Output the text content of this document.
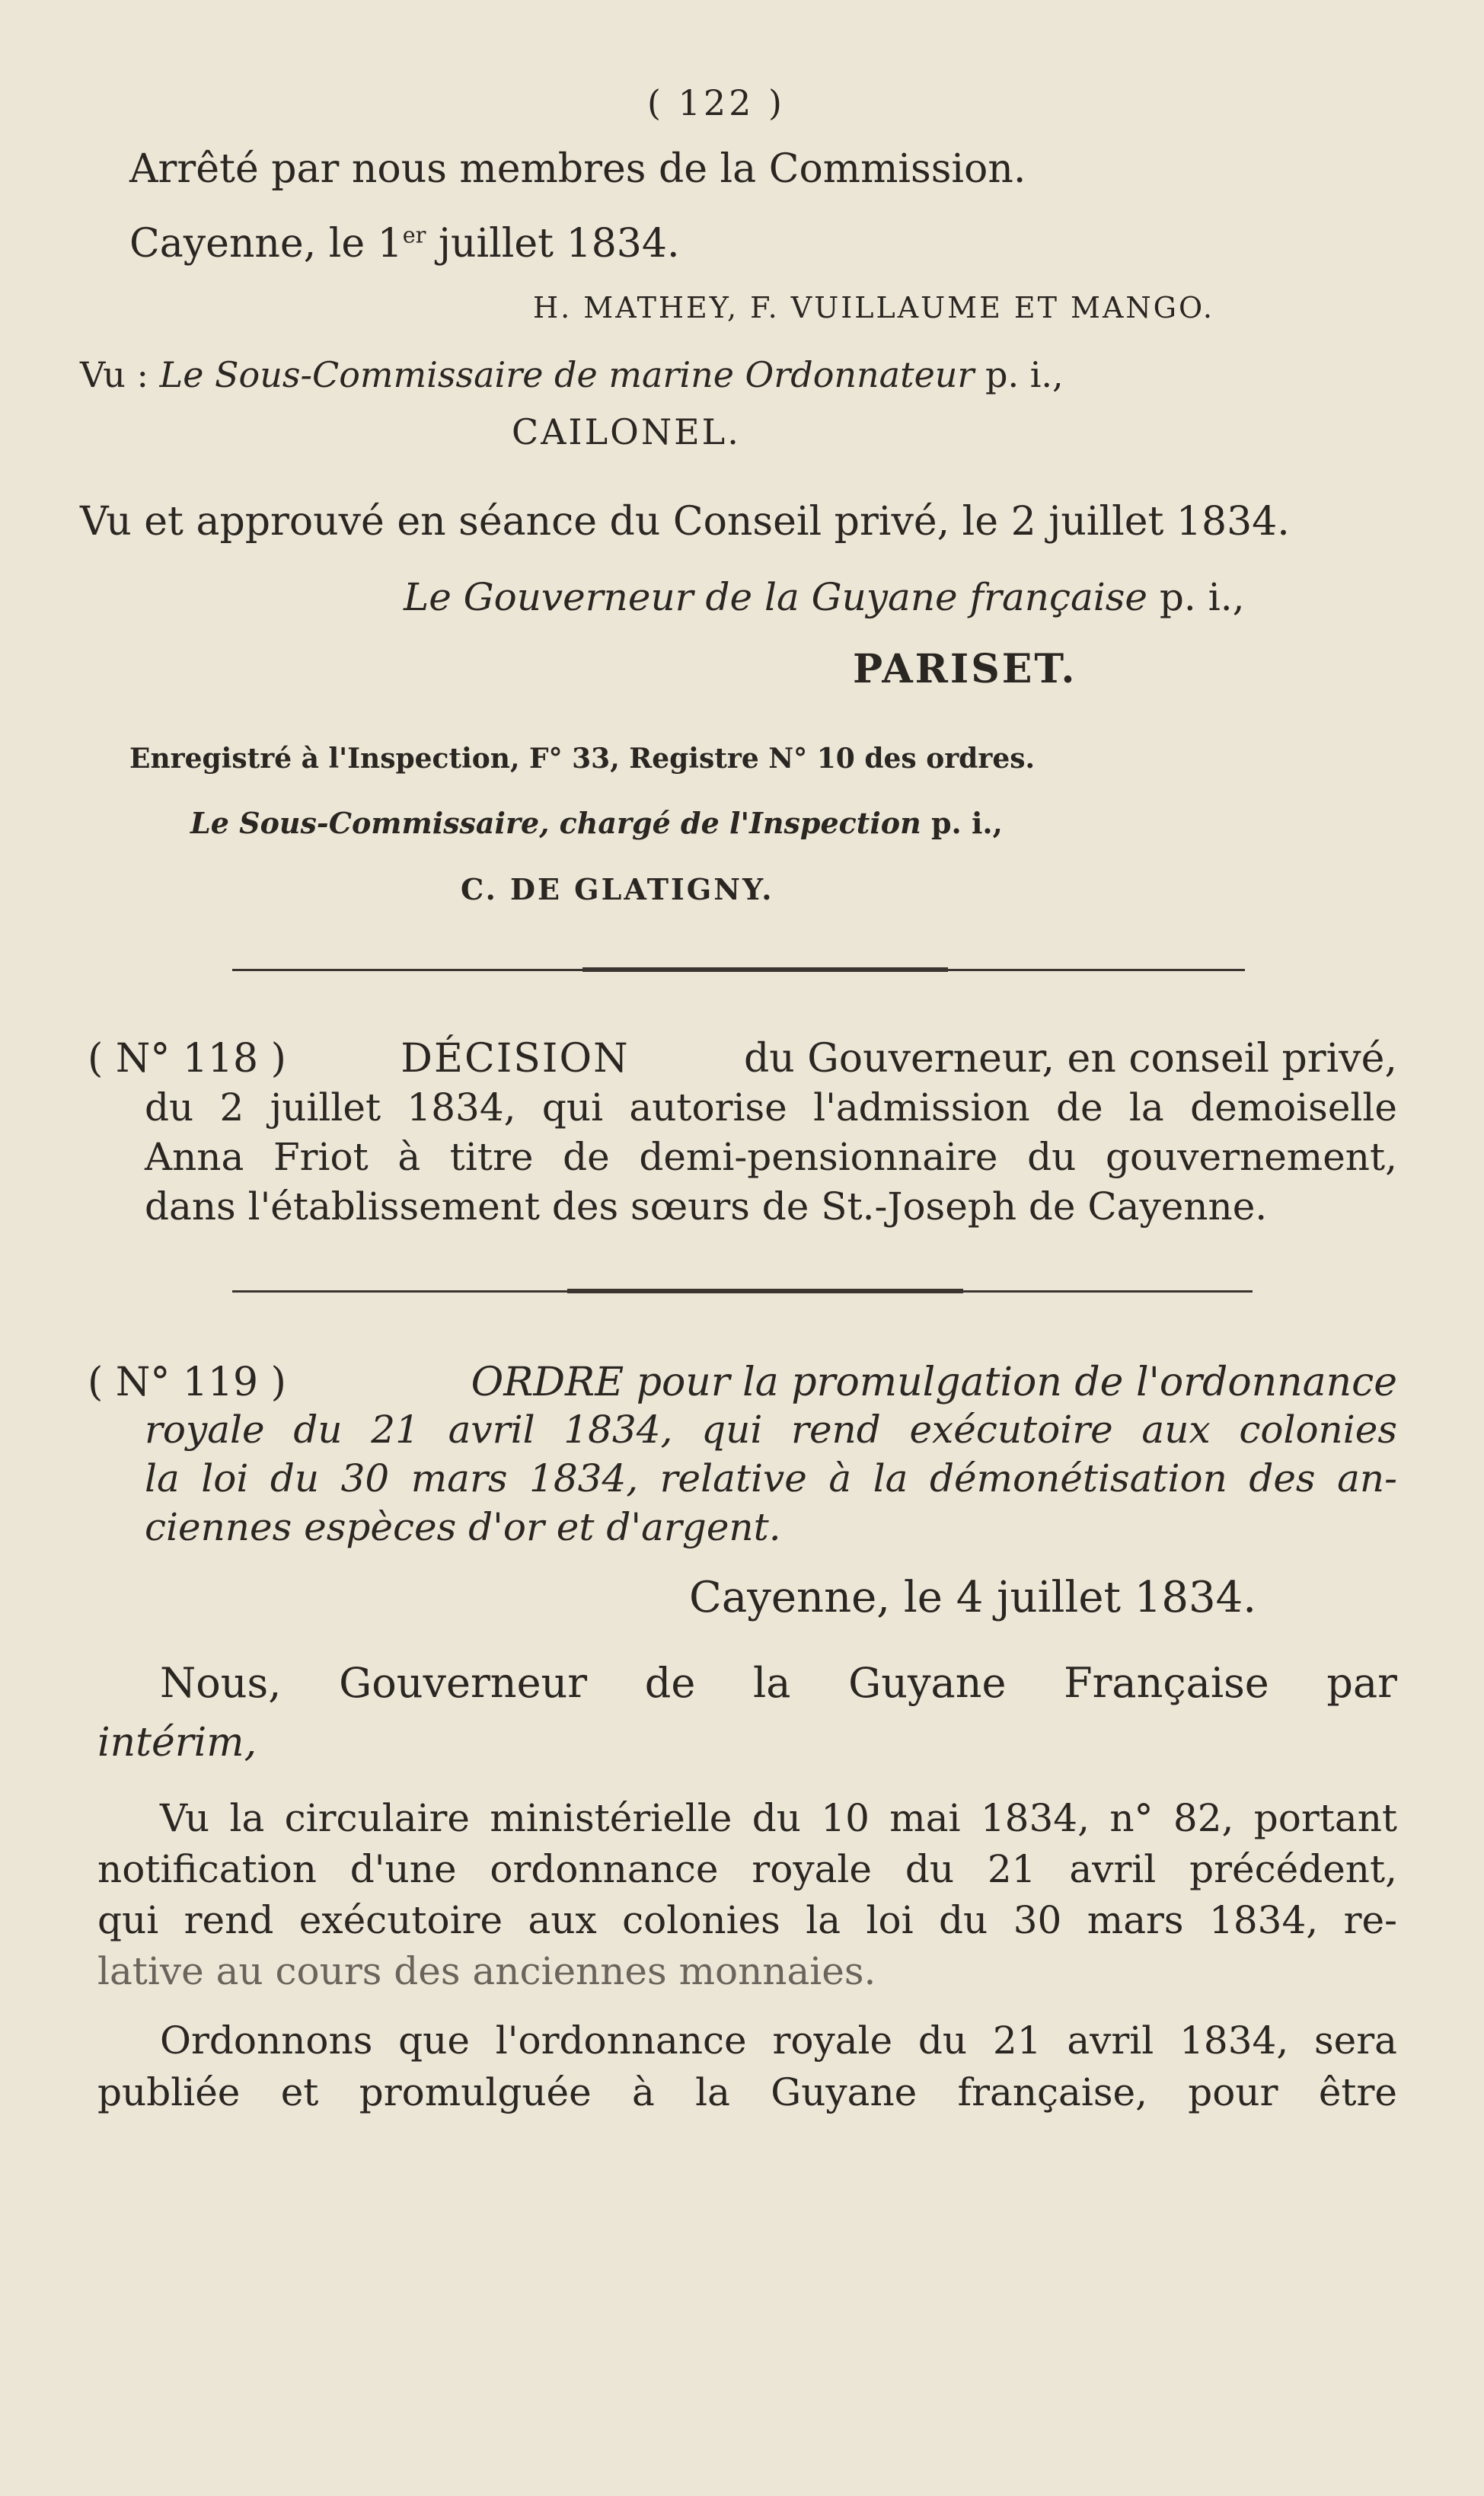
( 122 )
Arrêté par nous membres de la Commission.
Cayenne, le 1er juillet 1834.
H. MATHEY, F. VUILLAUME ET MANGO.
Vu : Le Sous-Commissaire de marine Ordonnateur p. i.,
CAILONEL.
Vu et approuvé en séance du Conseil privé, le 2 juillet 1834.
Le Gouverneur de la Guyane française p. i.,
PARISET.
Enregistré à l'Inspection, F° 33, Registre N° 10 des ordres.
Le Sous-Commissaire, chargé de l'Inspection p. i.,
C. DE GLATIGNY.
( N° 118 )	DÉCISION	du Gouverneur, en conseil privé,
du 2 juillet 1834, qui autorise l'admission de la demoiselle
Anna Friot à titre de demi-pensionnaire du gouvernement,
dans l'établissement des sœurs de St.-Joseph de Cayenne.
( N° 119 )	ORDRE pour la promulgation de l'ordonnance
royale du 21 avril 1834, qui rend exécutoire aux colonies
la loi du 30 mars 1834, relative à la démonétisation des an-
ciennes espèces d'or et d'argent.
Cayenne, le 4 juillet 1834.
Nous, Gouverneur de la Guyane Française par
intérim,
Vu la circulaire ministérielle du 10 mai 1834, n° 82, portant
notification d'une ordonnance royale du 21 avril précédent,
qui rend exécutoire aux colonies la loi du 30 mars 1834, re-
lative au cours des anciennes monnaies.
Ordonnons que l'ordonnance royale du 21 avril 1834, sera
publiée et promulguée à la Guyane française, pour être
